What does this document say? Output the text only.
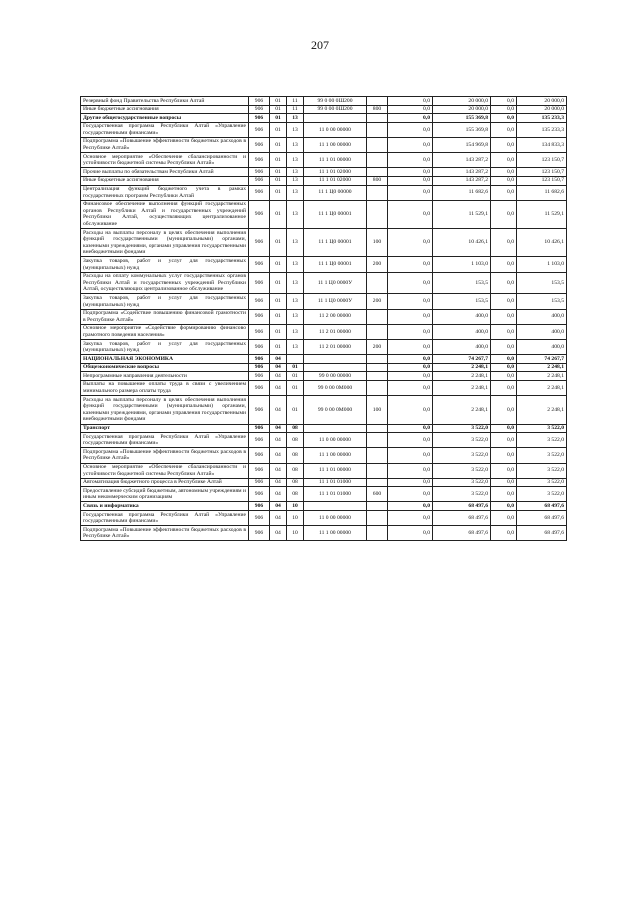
207
Резервный фонд Правительства Республики Алтай	906	01	11	99 0 00 0Ш200		0,0	20 000,0	0,0	20 000,0
Иные бюджетные ассигнования	906	01	11	99 0 00 0Ш200	800	0,0	20 000,0	0,0	20 000,0
Другие общегосударственные вопросы	906	01	13			0,0	155 369,8	0,0	135 233,3
Государственная программа Республики Алтай «Управление государственными финансами»	906	01	13	11 0 00 00000		0,0	155 369,8	0,0	135 233,3
Подпрограмма «Повышение эффективности бюджетных расходов в Республике Алтай»	906	01	13	11 1 00 00000		0,0	154 969,8	0,0	134 833,3
Основное мероприятие «Обеспечение сбалансированности и устойчивости бюджетной системы Республики Алтай»	906	01	13	11 1 01 00000		0,0	143 287,2	0,0	123 150,7
Прочие выплаты по обязательствам Республики Алтай	906	01	13	11 1 01 02000		0,0	143 287,2	0,0	123 150,7
Иные бюджетные ассигнования	906	01	13	11 1 01 02000	800	0,0	143 287,2	0,0	123 150,7
Централизация функций бюджетного учета в рамках государственных программ Республики Алтай	906	01	13	11 1 Ц0 00000		0,0	11 682,6	0,0	11 682,6
Финансовое обеспечение выполнения функций государственных органов Республики Алтай и государственных учреждений Республики Алтай, осуществляющих централизованное обслуживание	906	01	13	11 1 Ц0 00001		0,0	11 529,1	0,0	11 529,1
Расходы на выплаты персоналу в целях обеспечения выполнения функций государственными (муниципальными) органами, казенными учреждениями, органами управления государственными внебюджетными фондами	906	01	13	11 1 Ц0 00001	100	0,0	10 426,1	0,0	10 426,1
Закупка товаров, работ и услуг для государственных (муниципальных) нужд	906	01	13	11 1 Ц0 00001	200	0,0	1 103,0	0,0	1 103,0
Расходы на оплату коммунальных услуг государственных органов Республики Алтай и государственных учреждений Республики Алтай, осуществляющих централизованное обслуживание	906	01	13	11 1 Ц0 0000У		0,0	153,5	0,0	153,5
Закупка товаров, работ и услуг для государственных (муниципальных) нужд	906	01	13	11 1 Ц0 0000У	200	0,0	153,5	0,0	153,5
Подпрограмма «Содействие повышению финансовой грамотности в Республике Алтай»	906	01	13	11 2 00 00000		0,0	400,0	0,0	400,0
Основное мероприятие «Содействие формированию финансово грамотного поведения населения»	906	01	13	11 2 01 00000		0,0	400,0	0,0	400,0
Закупка товаров, работ и услуг для государственных (муниципальных) нужд	906	01	13	11 2 01 00000	200	0,0	400,0	0,0	400,0
НАЦИОНАЛЬНАЯ ЭКОНОМИКА	906	04				0,0	74 267,7	0,0	74 267,7
Общеэкономические вопросы	906	04	01			0,0	2 248,1	0,0	2 248,1
Непрограммные направления деятельности	906	04	01	99 0 00 00000		0,0	2 248,1	0,0	2 248,1
Выплаты на повышение оплаты труда в связи с увеличением минимального размера оплаты труда	906	04	01	99 0 00 0М000		0,0	2 248,1	0,0	2 248,1
Расходы на выплаты персоналу в целях обеспечения выполнения функций государственными (муниципальными) органами, казенными учреждениями, органами управления государственными внебюджетными фондами	906	04	01	99 0 00 0М000	100	0,0	2 248,1	0,0	2 248,1
Транспорт	906	04	08			0,0	3 522,0	0,0	3 522,0
Государственная программа Республики Алтай «Управление государственными финансами»	906	04	08	11 0 00 00000		0,0	3 522,0	0,0	3 522,0
Подпрограмма «Повышение эффективности бюджетных расходов в Республике Алтай»	906	04	08	11 1 00 00000		0,0	3 522,0	0,0	3 522,0
Основное мероприятие «Обеспечение сбалансированности и устойчивости бюджетной системы Республики Алтай»	906	04	08	11 1 01 00000		0,0	3 522,0	0,0	3 522,0
Автоматизация бюджетного процесса в Республике Алтай	906	04	08	11 1 01 01000		0,0	3 522,0	0,0	3 522,0
Предоставление субсидий бюджетным, автономным учреждениям и иным некоммерческим организациям	906	04	08	11 1 01 01000	600	0,0	3 522,0	0,0	3 522,0
Связь и информатика	906	04	10			0,0	68 497,6	0,0	68 497,6
Государственная программа Республики Алтай «Управление государственными финансами»	906	04	10	11 0 00 00000		0,0	68 497,6	0,0	68 497,6
Подпрограмма «Повышение эффективности бюджетных расходов в Республике Алтай»	906	04	10	11 1 00 00000		0,0	68 497,6	0,0	68 497,6
